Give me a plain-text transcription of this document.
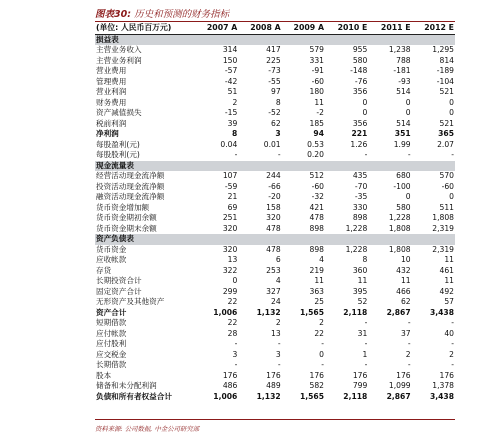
图表30: 历史和预测的财务指标
(单位: 人民币百万元)	2007 A	2008 A	2009 A	2010 E	2011 E	2012 E
损益表						
主营业务收入	314	417	579	955	1,238	1,295
主营业务利润	150	225	331	580	788	814
营业费用	-57	-73	-91	-148	-181	-189
管理费用	-42	-55	-60	-76	-93	-104
营业利润	51	97	180	356	514	521
财务费用	2	8	11	0	0	0
资产减值损失	-15	-52	-2	0	0	0
税前利润	39	62	185	356	514	521
净利润	8	3	94	221	351	365
每股盈利(元)	0.04	0.01	0.53	1.26	1.99	2.07
每股股利(元)	-	-	0.20	-	-	-
现金流量表						
经营活动现金流净额	107	244	512	435	680	570
投资活动现金流净额	-59	-66	-60	-70	-100	-60
融资活动现金流净额	21	-20	-32	-35	0	0
货币资金增加额	69	158	421	330	580	511
货币资金期初余额	251	320	478	898	1,228	1,808
货币资金期末余额	320	478	898	1,228	1,808	2,319
资产负债表						
货币资金	320	478	898	1,228	1,808	2,319
应收帐款	13	6	4	8	10	11
存货	322	253	219	360	432	461
长期投资合计	0	4	11	11	11	11
固定资产合计	299	327	363	395	466	492
无形资产及其他资产	22	24	25	52	62	57
资产合计	1,006	1,132	1,565	2,118	2,867	3,438
短期借款	22	2	2	-	-	-
应付帐款	28	13	22	31	37	40
应付股利	-	-	-	-	-	-
应交税金	3	3	0	1	2	2
长期借款	-	-	-	-	-	-
股本	176	176	176	176	176	176
储备和未分配利润	486	489	582	799	1,099	1,378
负债和所有者权益合计	1,006	1,132	1,565	2,118	2,867	3,438
资料来源: 公司数据, 中金公司研究部
